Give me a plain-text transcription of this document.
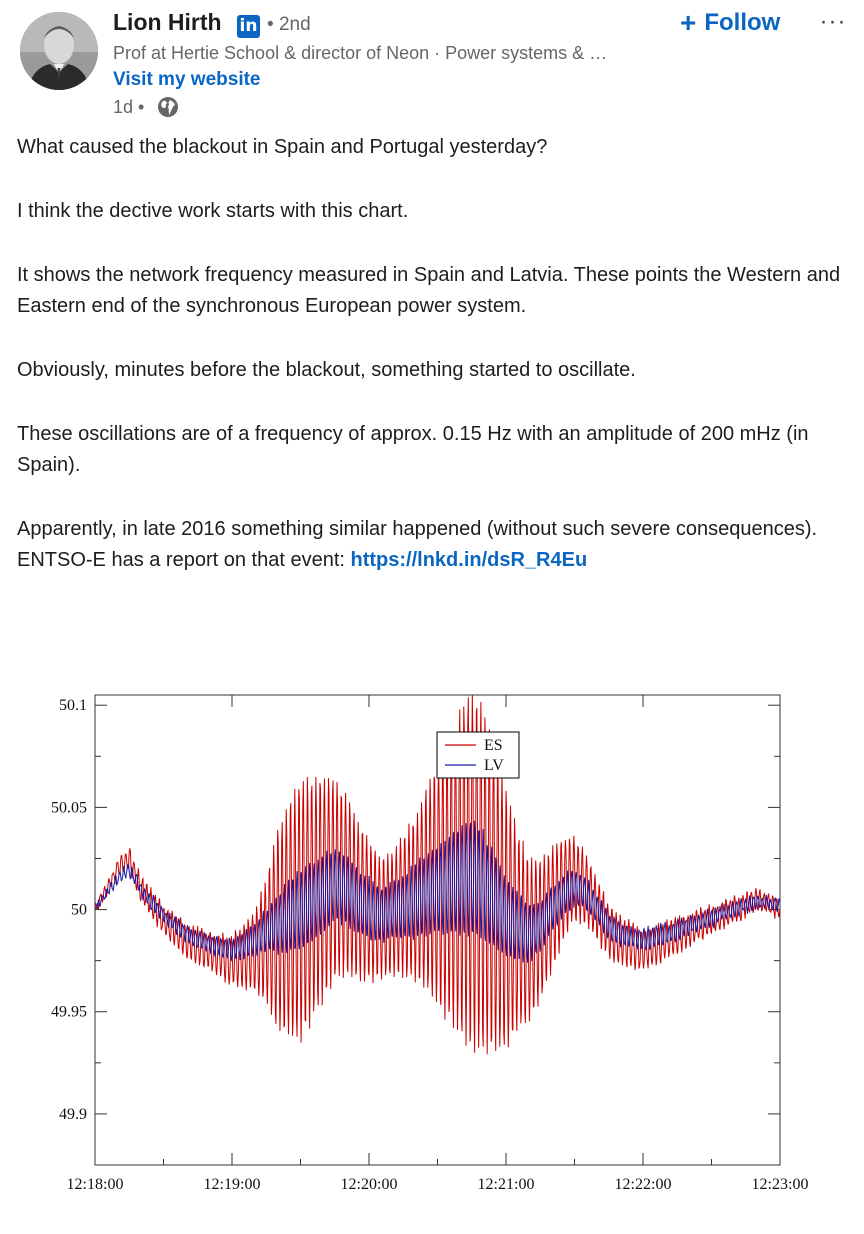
Lion Hirth in • 2nd
Prof at Hertie School & director of Neon · Power systems & …
Visit my website
1d •
+ Follow ···

What caused the blackout in Spain and Portugal yesterday?

I think the dective work starts with this chart.

It shows the network frequency measured in Spain and Latvia. These points the Western and Eastern end of the synchronous European power system.

Obviously, minutes before the blackout, something started to oscillate.

These oscillations are of a frequency of approx. 0.15 Hz with an amplitude of 200 mHz (in Spain).

Apparently, in late 2016 something similar happened (without such severe consequences). ENTSO-E has a report on that event: https://lnkd.in/dsR_R4Eu

12:18:00	12:19:00	12:20:00	12:21:00	12:22:00	12:23:00
49.9
49.95
50
50.05
50.1
ES
LV
